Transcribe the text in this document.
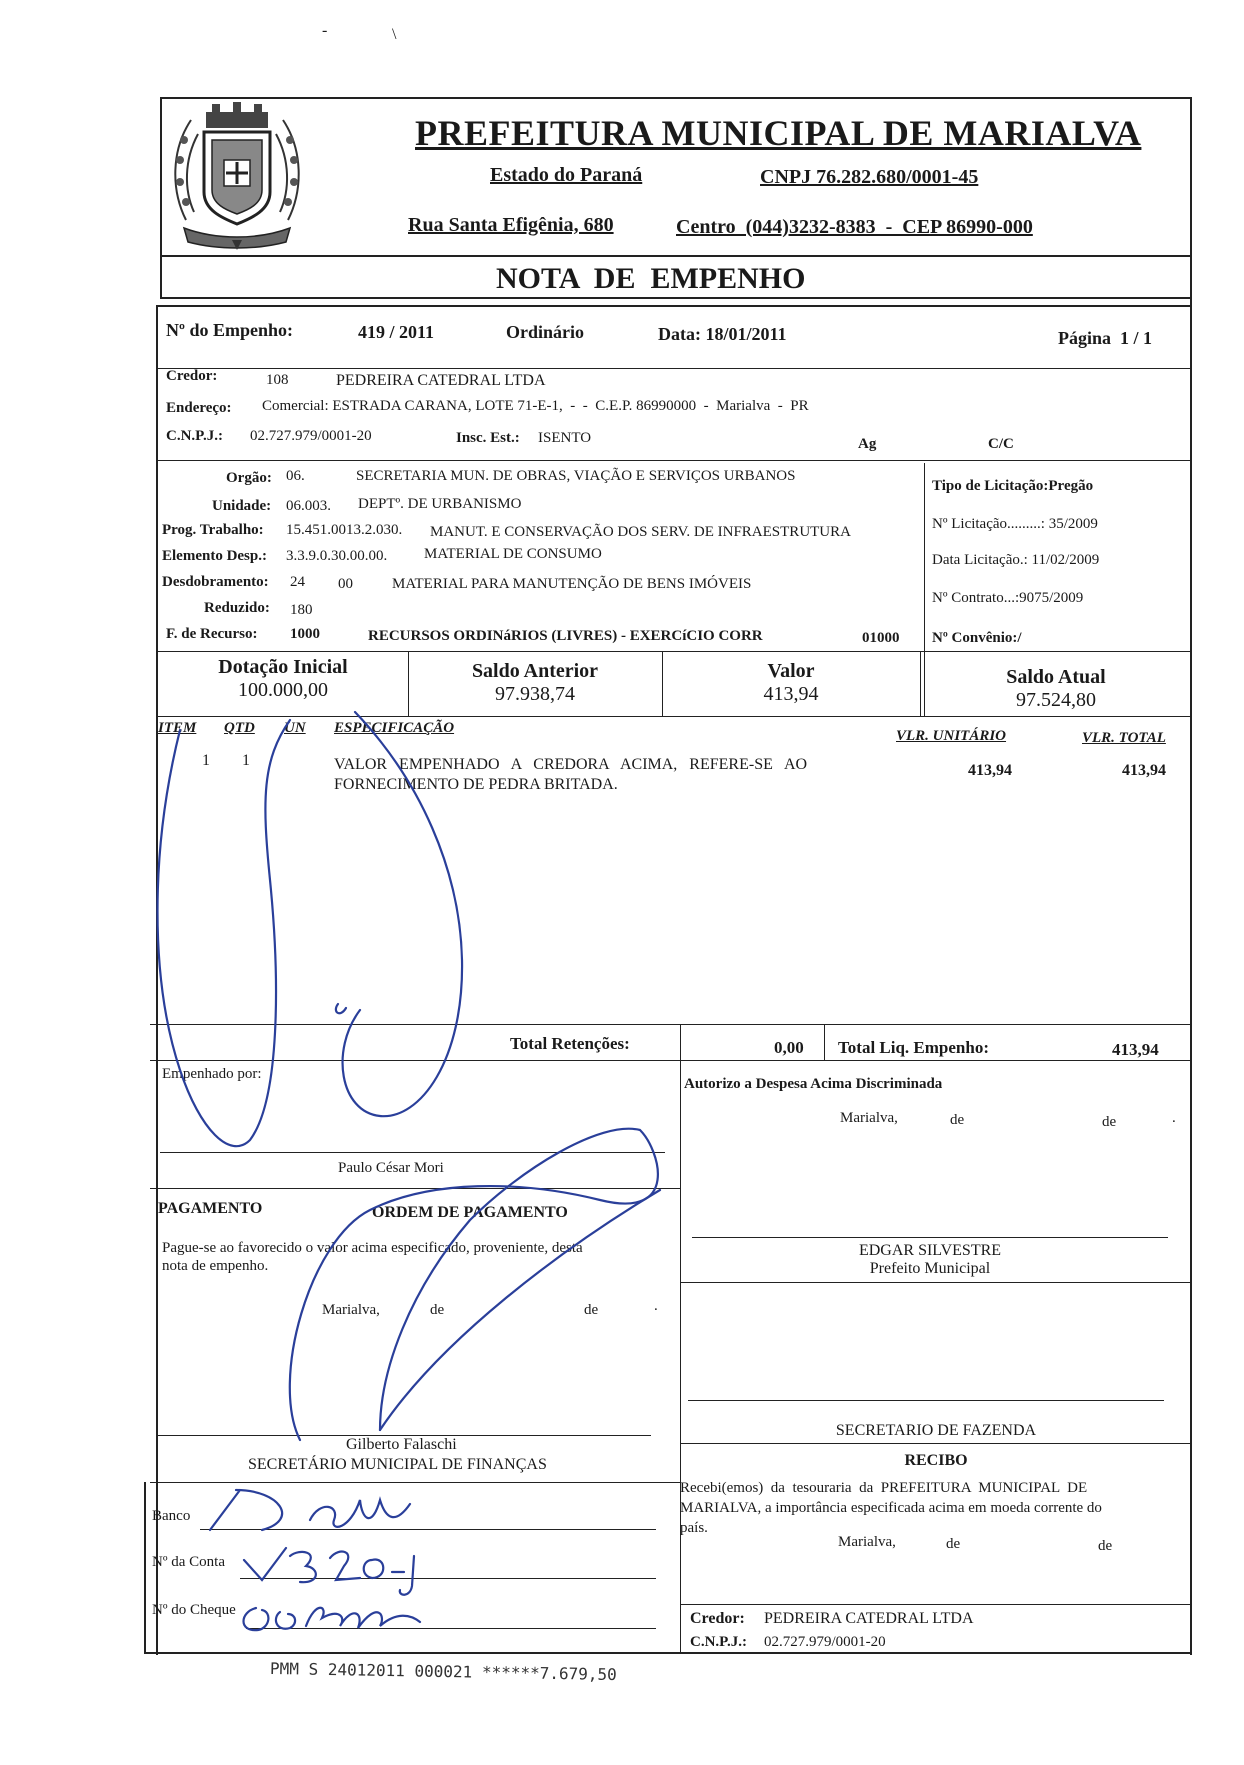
-	\
PREFEITURA MUNICIPAL DE MARIALVA
Estado do Paraná	CNPJ 76.282.680/0001-45
Rua Santa Efigênia, 680	Centro  (044)3232-8383  -  CEP 86990-000
NOTA  DE  EMPENHO
Nº do Empenho:	419 / 2011	Ordinário	Data: 18/01/2011	Página  1 / 1
Credor:	108	PEDREIRA CATEDRAL LTDA
Endereço: Comercial: ESTRADA CARANA, LOTE 71-E-1,  -  -  C.E.P. 86990000  -  Marialva  -  PR
C.N.P.J.: 02.727.979/0001-20	Insc. Est.: ISENTO	Ag	C/C
Orgão: 06.	SECRETARIA MUN. DE OBRAS, VIAÇÃO E SERVIÇOS URBANOS
Unidade: 06.003. DEPTº. DE URBANISMO
Prog. Trabalho: 15.451.0013.2.030. MANUT. E CONSERVAÇÃO DOS SERV. DE INFRAESTRUTURA
Elemento Desp.: 3.3.9.0.30.00.00. MATERIAL DE CONSUMO
Desdobramento: 24 00	MATERIAL PARA MANUTENÇÃO DE BENS IMÓVEIS
Reduzido: 180
F. de Recurso: 1000	RECURSOS ORDINáRIOS (LIVRES) - EXERCíCIO CORR	01000
Tipo de Licitação:Pregão
Nº Licitação.........: 35/2009
Data Licitação.: 11/02/2009
Nº Contrato...:9075/2009
Nº Convênio:/
Dotação Inicial
100.000,00
Saldo Anterior
97.938,74
Valor
413,94
Saldo Atual
97.524,80
ITEM QTD UN ESPECIFICAÇÃO	VLR. UNITÁRIO	VLR. TOTAL
1 1	VALOR   EMPENHADO   A   CREDORA   ACIMA,   REFERE-SE   AO
FORNECIMENTO DE PEDRA BRITADA.
413,94	413,94
Total Retenções:	0,00 Total Liq. Empenho:	413,94
Empenhado por:
Paulo César Mori
Autorizo a Despesa Acima Discriminada
Marialva,	de	de	.
EDGAR SILVESTRE
Prefeito Municipal
PAGAMENTO	ORDEM DE PAGAMENTO
Pague-se ao favorecido o valor acima especificado, proveniente, desta
nota de empenho.
Marialva,	de	de	.
Gilberto Falaschi
SECRETÁRIO MUNICIPAL DE FINANÇAS
SECRETARIO DE FAZENDA
RECIBO
Recebi(emos)  da  tesouraria  da  PREFEITURA  MUNICIPAL  DE
MARIALVA, a importância especificada acima em moeda corrente do
país.
Marialva,	de	de
Banco
Nº da Conta
Nº do Cheque	Credor: PEDREIRA CATEDRAL LTDA
C.N.P.J.: 02.727.979/0001-20
PMM S 24012011 000021 ******7.679,50
